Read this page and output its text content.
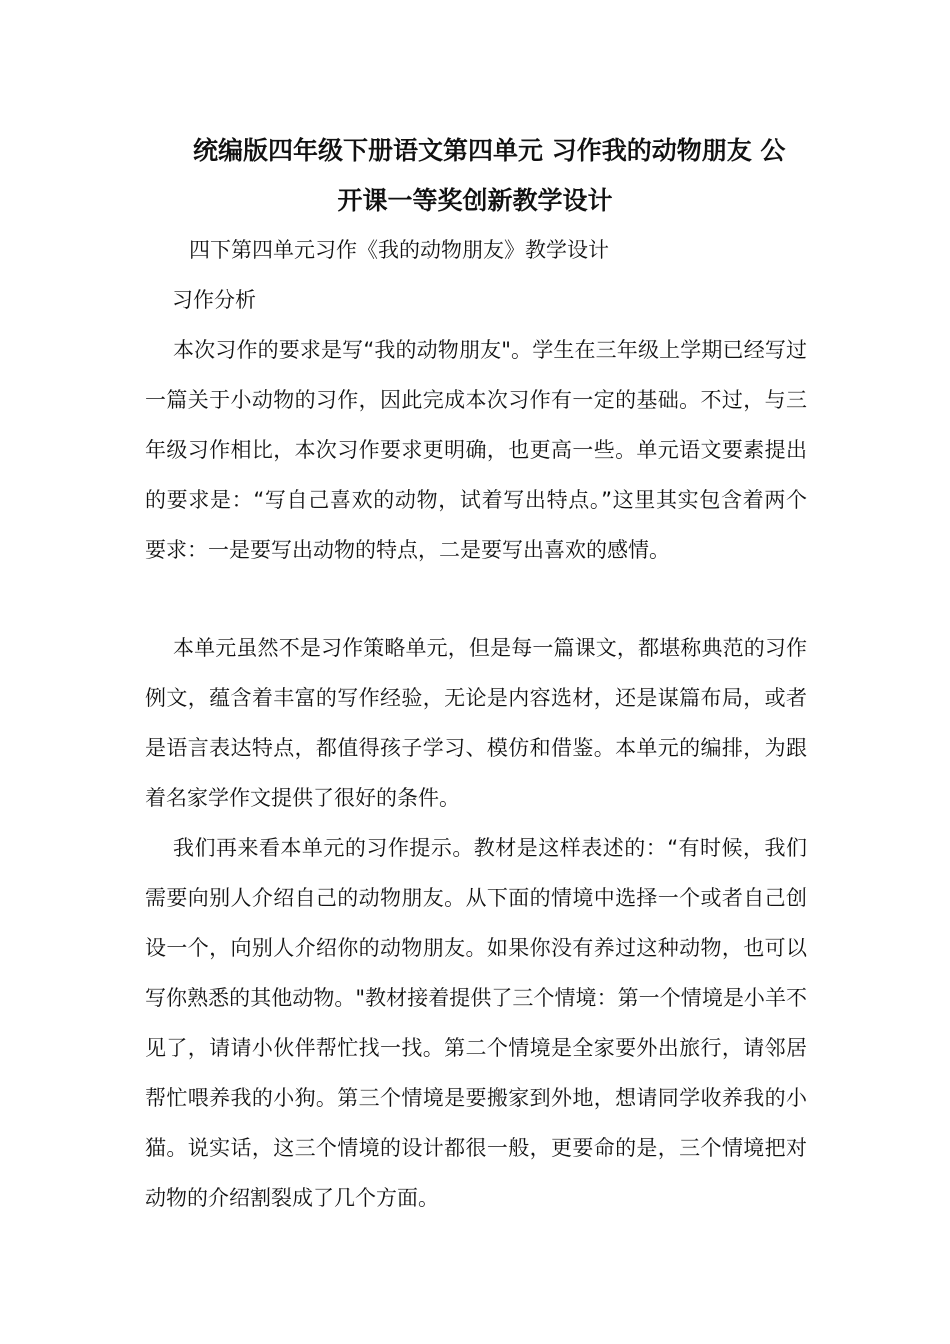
统编版四年级下册语文第四单元 习作我的动物朋友 公
开课一等奖创新教学设计
四下第四单元习作《我的动物朋友》教学设计
习作分析

本次习作的要求是写“我的动物朋友"。学生在三年级上学期已经写过一篇关于小动物的习作，因此完成本次习作有一定的基础。不过，与三年级习作相比，本次习作要求更明确，也更高一些。单元语文要素提出的要求是：“写自己喜欢的动物，试着写出特点。”这里其实包含着两个要求：一是要写出动物的特点，二是要写出喜欢的感情。

本单元虽然不是习作策略单元，但是每一篇课文，都堪称典范的习作例文，蕴含着丰富的写作经验，无论是内容选材，还是谋篇布局，或者是语言表达特点，都值得孩子学习、模仿和借鉴。本单元的编排，为跟着名家学作文提供了很好的条件。

我们再来看本单元的习作提示。教材是这样表述的：“有时候，我们需要向别人介绍自己的动物朋友。从下面的情境中选择一个或者自己创设一个，向别人介绍你的动物朋友。如果你没有养过这种动物，也可以写你熟悉的其他动物。"教材接着提供了三个情境：第一个情境是小羊不见了，请请小伙伴帮忙找一找。第二个情境是全家要外出旅行，请邻居帮忙喂养我的小狗。第三个情境是要搬家到外地，想请同学收养我的小猫。说实话，这三个情境的设计都很一般，更要命的是，三个情境把对动物的介绍割裂成了几个方面。
